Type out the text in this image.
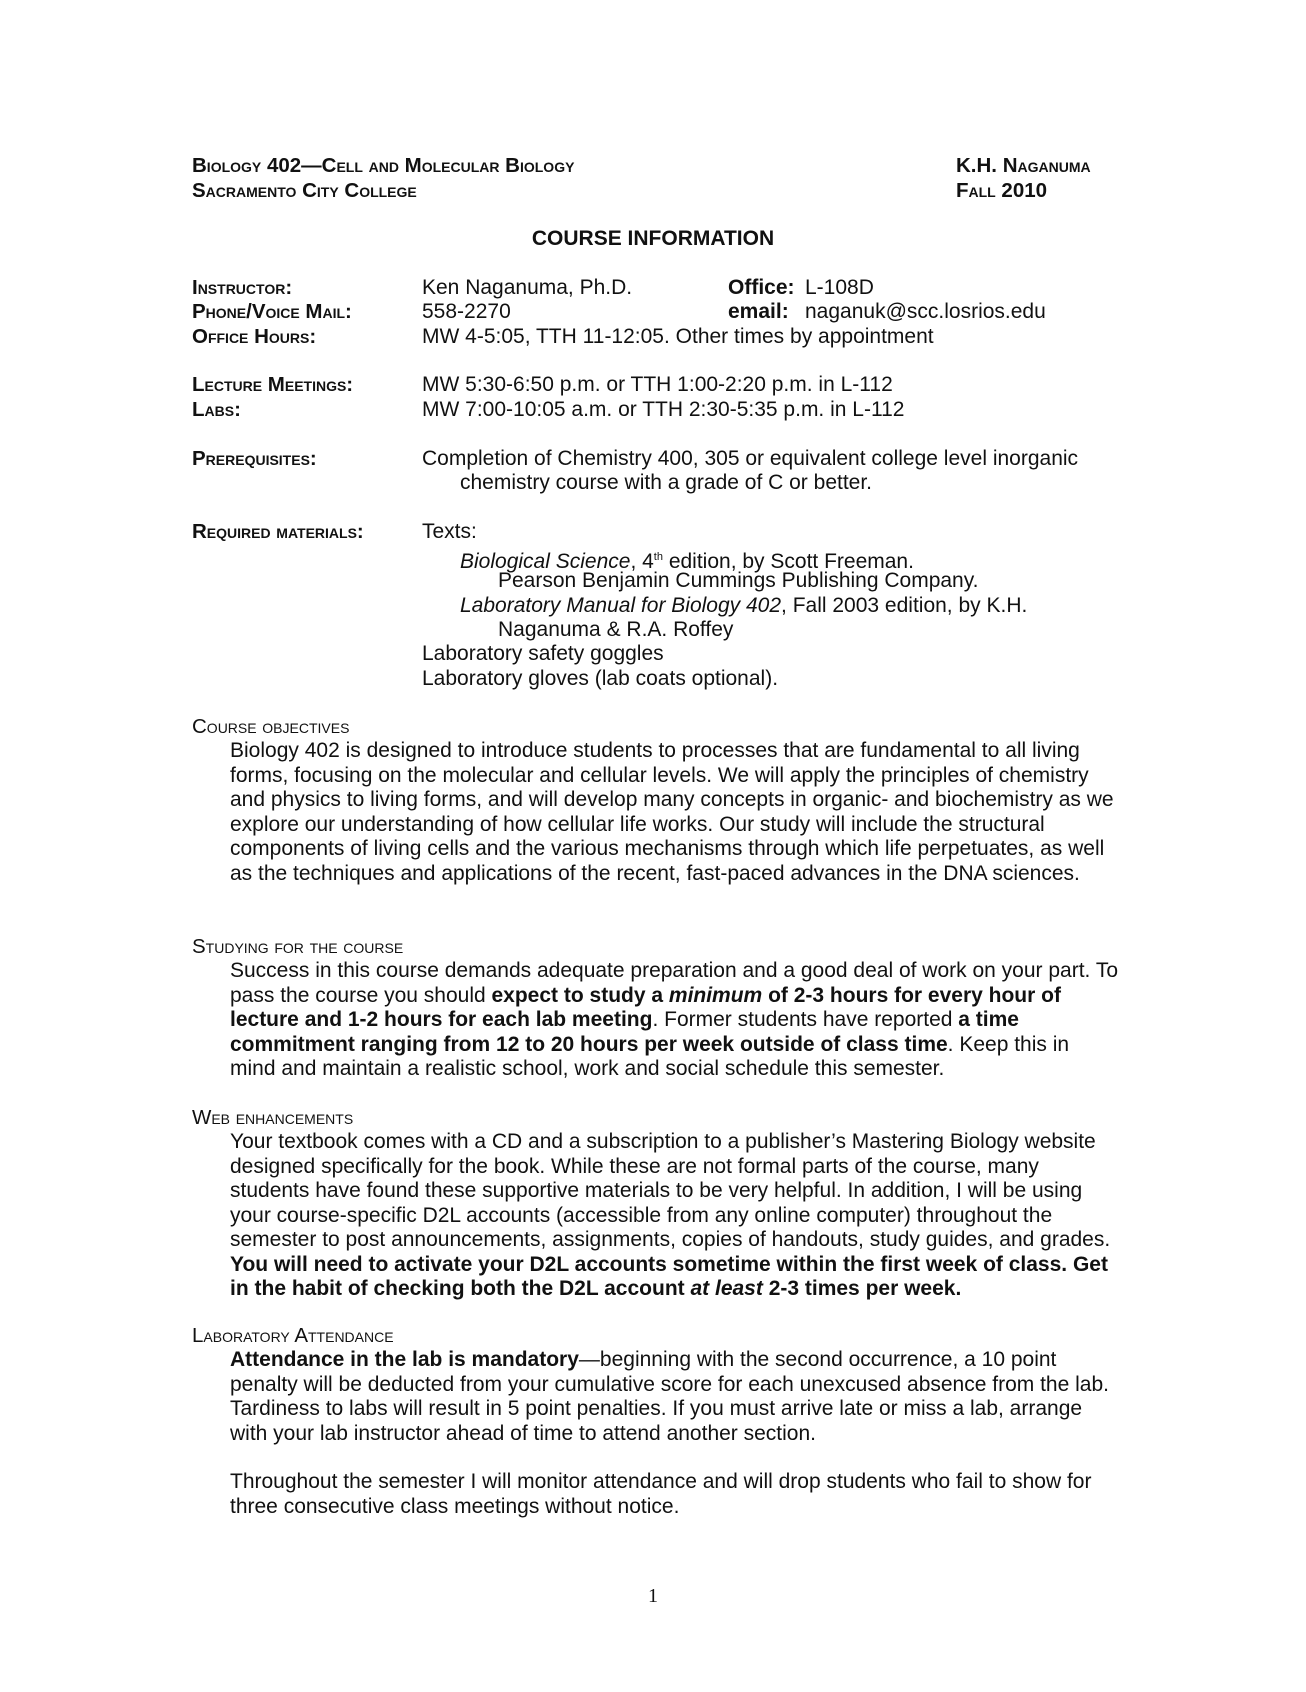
Biology 402—Cell and Molecular Biology
Sacramento City College
K.H. Naganuma
Fall 2010
COURSE INFORMATION
Instructor:	Ken Naganuma, Ph.D.	Office: L-108D
Phone/Voice Mail:	558-2270	email: naganuk@scc.losrios.edu
Office Hours:	MW 4-5:05, TTH 11-12:05. Other times by appointment
Lecture Meetings:	MW 5:30-6:50 p.m. or TTH 1:00-2:20 p.m. in L-112
Labs:	MW 7:00-10:05 a.m. or TTH 2:30-5:35 p.m. in L-112
Prerequisites:	Completion of Chemistry 400, 305 or equivalent college level inorganic
chemistry course with a grade of C or better.
Required materials:	Texts:
Biological Science, 4th edition, by Scott Freeman.
Pearson Benjamin Cummings Publishing Company.
Laboratory Manual for Biology 402, Fall 2003 edition, by K.H.
Naganuma & R.A. Roffey
Laboratory safety goggles
Laboratory gloves (lab coats optional).
Course objectives
Biology 402 is designed to introduce students to processes that are fundamental to all living forms, focusing on the molecular and cellular levels. We will apply the principles of chemistry and physics to living forms, and will develop many concepts in organic- and biochemistry as we explore our understanding of how cellular life works. Our study will include the structural components of living cells and the various mechanisms through which life perpetuates, as well as the techniques and applications of the recent, fast-paced advances in the DNA sciences.
Studying for the course
Success in this course demands adequate preparation and a good deal of work on your part. To pass the course you should expect to study a minimum of 2-3 hours for every hour of lecture and 1-2 hours for each lab meeting. Former students have reported a time commitment ranging from 12 to 20 hours per week outside of class time. Keep this in mind and maintain a realistic school, work and social schedule this semester.
Web enhancements
Your textbook comes with a CD and a subscription to a publisher’s Mastering Biology website designed specifically for the book. While these are not formal parts of the course, many students have found these supportive materials to be very helpful. In addition, I will be using your course-specific D2L accounts (accessible from any online computer) throughout the semester to post announcements, assignments, copies of handouts, study guides, and grades. You will need to activate your D2L accounts sometime within the first week of class. Get in the habit of checking both the D2L account at least 2-3 times per week.
Laboratory Attendance
Attendance in the lab is mandatory—beginning with the second occurrence, a 10 point penalty will be deducted from your cumulative score for each unexcused absence from the lab. Tardiness to labs will result in 5 point penalties. If you must arrive late or miss a lab, arrange with your lab instructor ahead of time to attend another section.
Throughout the semester I will monitor attendance and will drop students who fail to show for three consecutive class meetings without notice.
1
